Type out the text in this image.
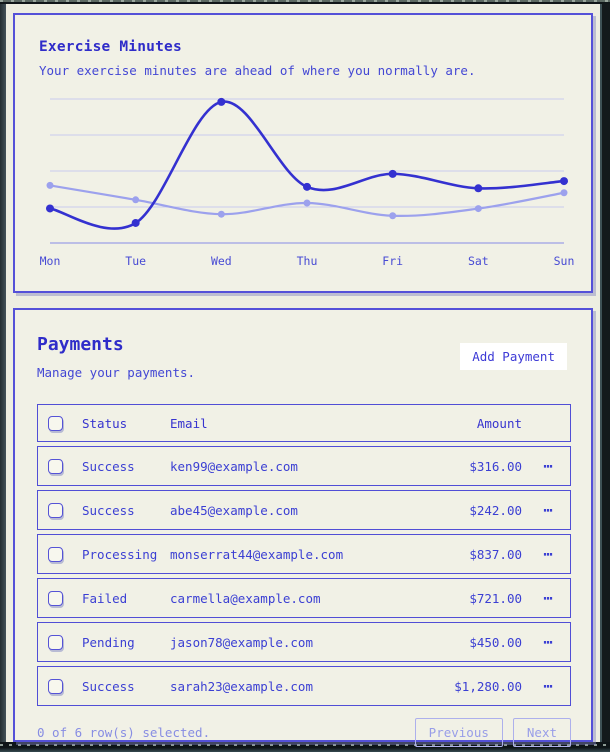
Exercise Minutes

Your exercise minutes are ahead of where you normally are.

Mon	Tue	Wed	Thu	Fri	Sat	Sun
Payments
Add Payment

Manage your payments.

Status	Email	Amount
Success	ken99@example.com	$316.00	⋯
Success	abe45@example.com	$242.00	⋯
Processing	monserrat44@example.com	$837.00	⋯
Failed	carmella@example.com	$721.00	⋯
Pending	jason78@example.com	$450.00	⋯
Success	sarah23@example.com	$1,280.00	⋯
0 of 6 row(s) selected.	Previous	Next
